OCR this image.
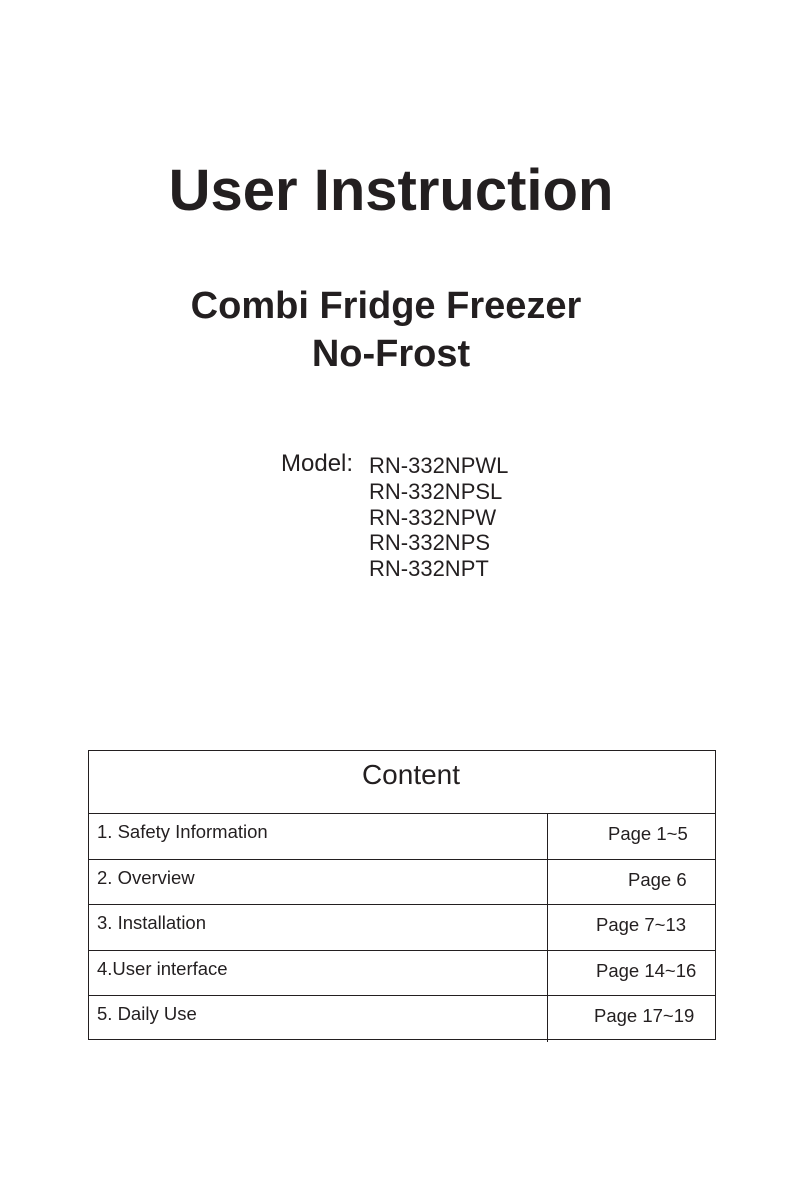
User Instruction
Combi Fridge Freezer
No-Frost
Model: RN-332NPWL
RN-332NPSL
RN-332NPW
RN-332NPS
RN-332NPT
Content
1. Safety Information	Page 1~5
2. Overview	Page 6
3. Installation	Page 7~13
4.User interface	Page 14~16
5. Daily Use	Page 17~19
